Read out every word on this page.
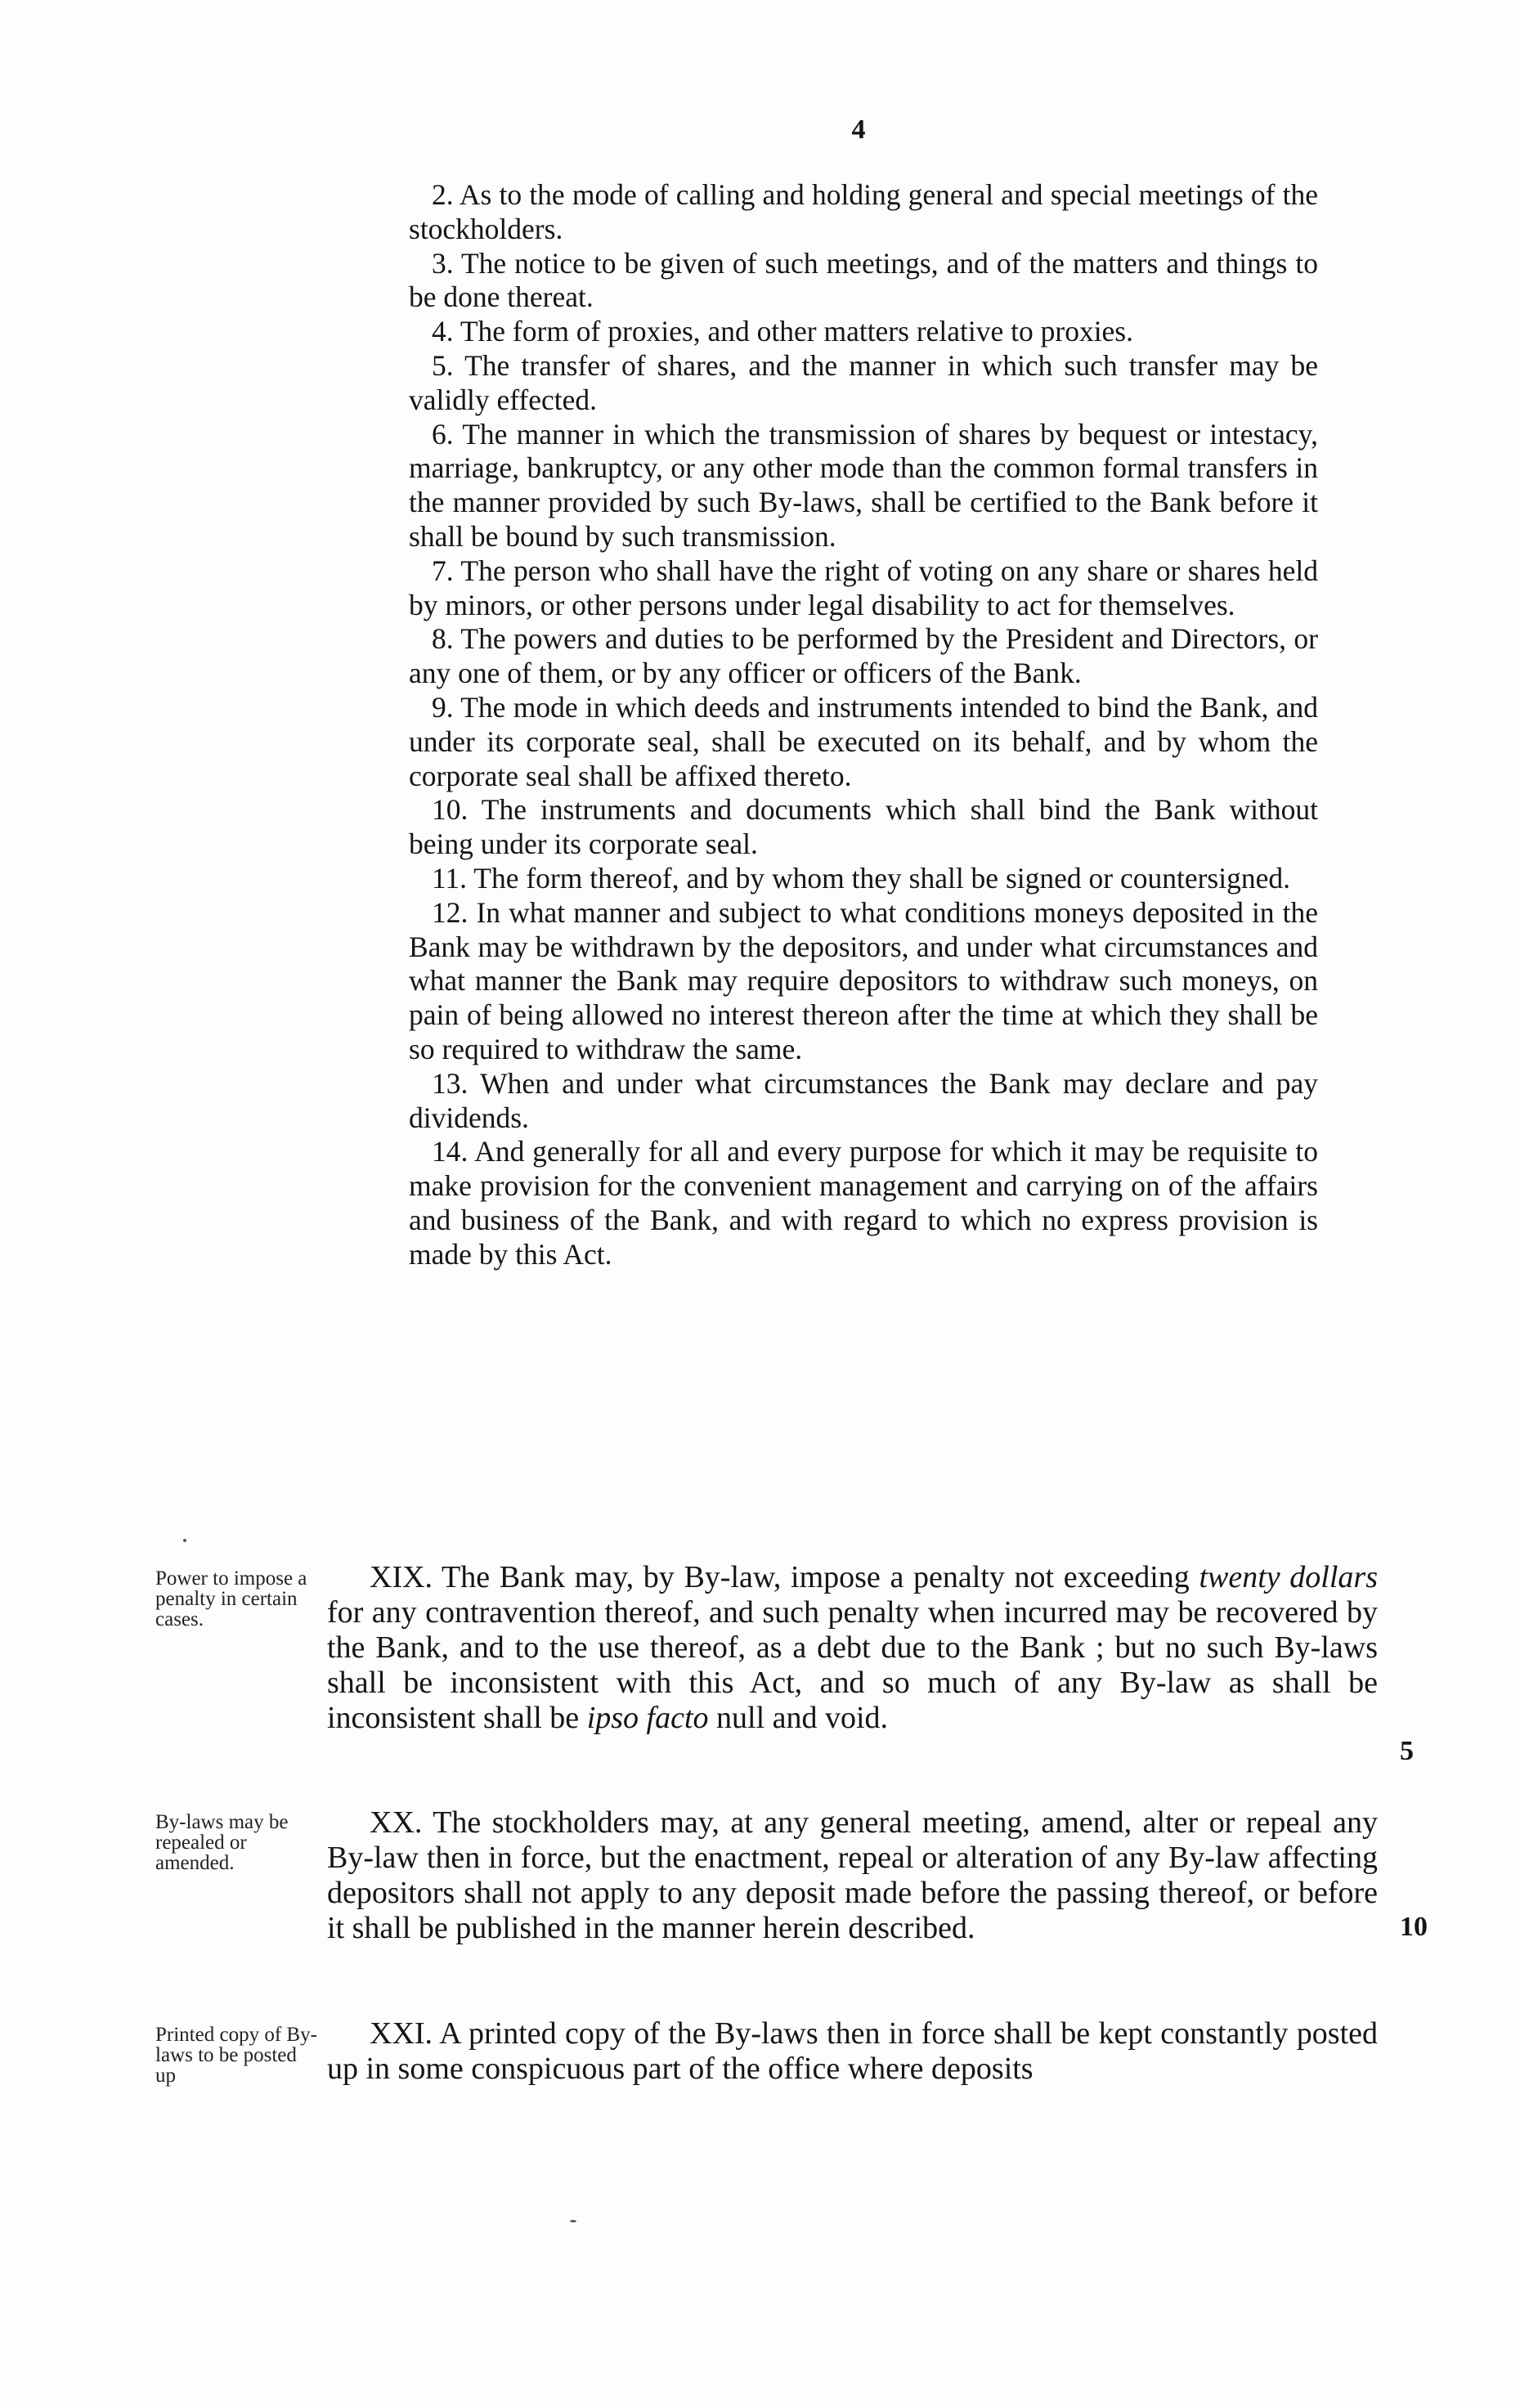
4

2. As to the mode of calling and holding general and special meetings of the stockholders.

3. The notice to be given of such meetings, and of the matters and things to be done thereat.

4. The form of proxies, and other matters relative to proxies.

5. The transfer of shares, and the manner in which such transfer may be validly effected.

6. The manner in which the transmission of shares by bequest or intestacy, marriage, bankruptcy, or any other mode than the common formal transfers in the manner provided by such By-laws, shall be certified to the Bank before it shall be bound by such transmission.

7. The person who shall have the right of voting on any share or shares held by minors, or other persons under legal disability to act for themselves.

8. The powers and duties to be performed by the President and Directors, or any one of them, or by any officer or officers of the Bank.

9. The mode in which deeds and instruments intended to bind the Bank, and under its corporate seal, shall be executed on its behalf, and by whom the corporate seal shall be affixed thereto.

10. The instruments and documents which shall bind the Bank without being under its corporate seal.

11. The form thereof, and by whom they shall be signed or countersigned.

12. In what manner and subject to what conditions moneys deposited in the Bank may be withdrawn by the depositors, and under what circumstances and what manner the Bank may require depositors to withdraw such moneys, on pain of being allowed no interest thereon after the time at which they shall be so required to withdraw the same.

13. When and under what circumstances the Bank may declare and pay dividends.

14. And generally for all and every purpose for which it may be requisite to make provision for the convenient management and carrying on of the affairs and business of the Bank, and with regard to which no express provision is made by this Act.

Power to impose a penalty in certain cases.

XIX. The Bank may, by By-law, impose a penalty not exceeding twenty dollars for any contravention thereof, and such penalty when incurred may be recovered by the Bank, and to the use thereof, as a debt due to the Bank ; but no such By-laws shall be inconsistent with this Act, and so much of any By-law as shall be inconsistent shall be ipso facto null and void.

5
By-laws may be repealed or amended.

XX. The stockholders may, at any general meeting, amend, alter or repeal any By-law then in force, but the enactment, repeal or alteration of any By-law affecting depositors shall not apply to any deposit made before the passing thereof, or before it shall be published in the manner herein described.	10
Printed copy of By-laws to be posted up

XXI. A printed copy of the By-laws then in force shall be kept constantly posted up in some conspicuous part of the office where deposits
